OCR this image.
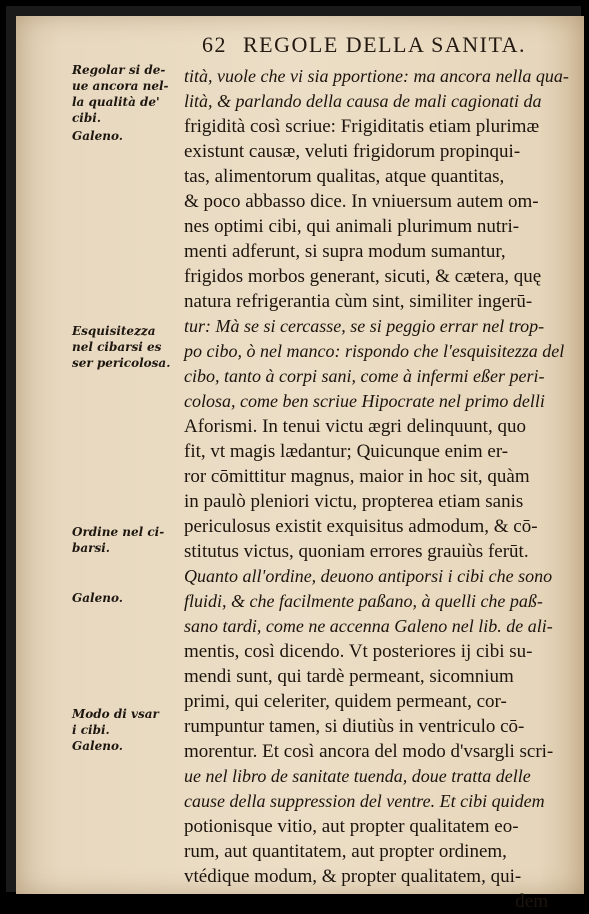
62 REGOLE DELLA SANITA.
Regolar si de-
ue ancora nel-
la qualità de'
cibi.
Galeno.
Esquisitezza
nel cibarsi es
ser pericolosa.
Ordine nel ci-
barsi.
Galeno.
Modo di vsar
i cibi.
Galeno.
tità, vuole che vi sia pportione: ma ancora nella qua-
lità, & parlando della causa de mali cagionati da
frigidità così scriue: Frigiditatis etiam plurimæ
existunt causæ, veluti frigidorum propinqui-
tas, alimentorum qualitas, atque quantitas,
& poco abbasso dice. In vniuersum autem om-
nes optimi cibi, qui animali plurimum nutri-
menti adferunt, si supra modum sumantur,
frigidos morbos generant, sicuti, & cætera, quę
natura refrigerantia cùm sint, similiter ingerū-
tur: Mà se si cercasse, se si peggio errar nel trop-
po cibo, ò nel manco: rispondo che l'esquisitezza del
cibo, tanto à corpi sani, come à infermi eßer peri-
colosa, come ben scriue Hipocrate nel primo delli
Aforismi. In tenui victu ægri delinquunt, quo
fit, vt magis lædantur; Quicunque enim er-
ror cōmittitur magnus, maior in hoc sit, quàm
in paulò pleniori victu, propterea etiam sanis
periculosus existit exquisitus admodum, & cō-
stitutus victus, quoniam errores grauiùs ferūt.
Quanto all'ordine, deuono antiporsi i cibi che sono
fluidi, & che facilmente paßano, à quelli che paß-
sano tardi, come ne accenna Galeno nel lib. de ali-
mentis, così dicendo. Vt posteriores ij cibi su-
mendi sunt, qui tardè permeant, sicomnium
primi, qui celeriter, quidem permeant, cor-
rumpuntur tamen, si diutiùs in ventriculo cō-
morentur. Et così ancora del modo d'vsargli scri-
ue nel libro de sanitate tuenda, doue tratta delle
cause della suppression del ventre. Et cibi quidem
potionisque vitio, aut propter qualitatem eo-
rum, aut quantitatem, aut propter ordinem,
vtédique modum, & propter qualitatem, qui-
dem
